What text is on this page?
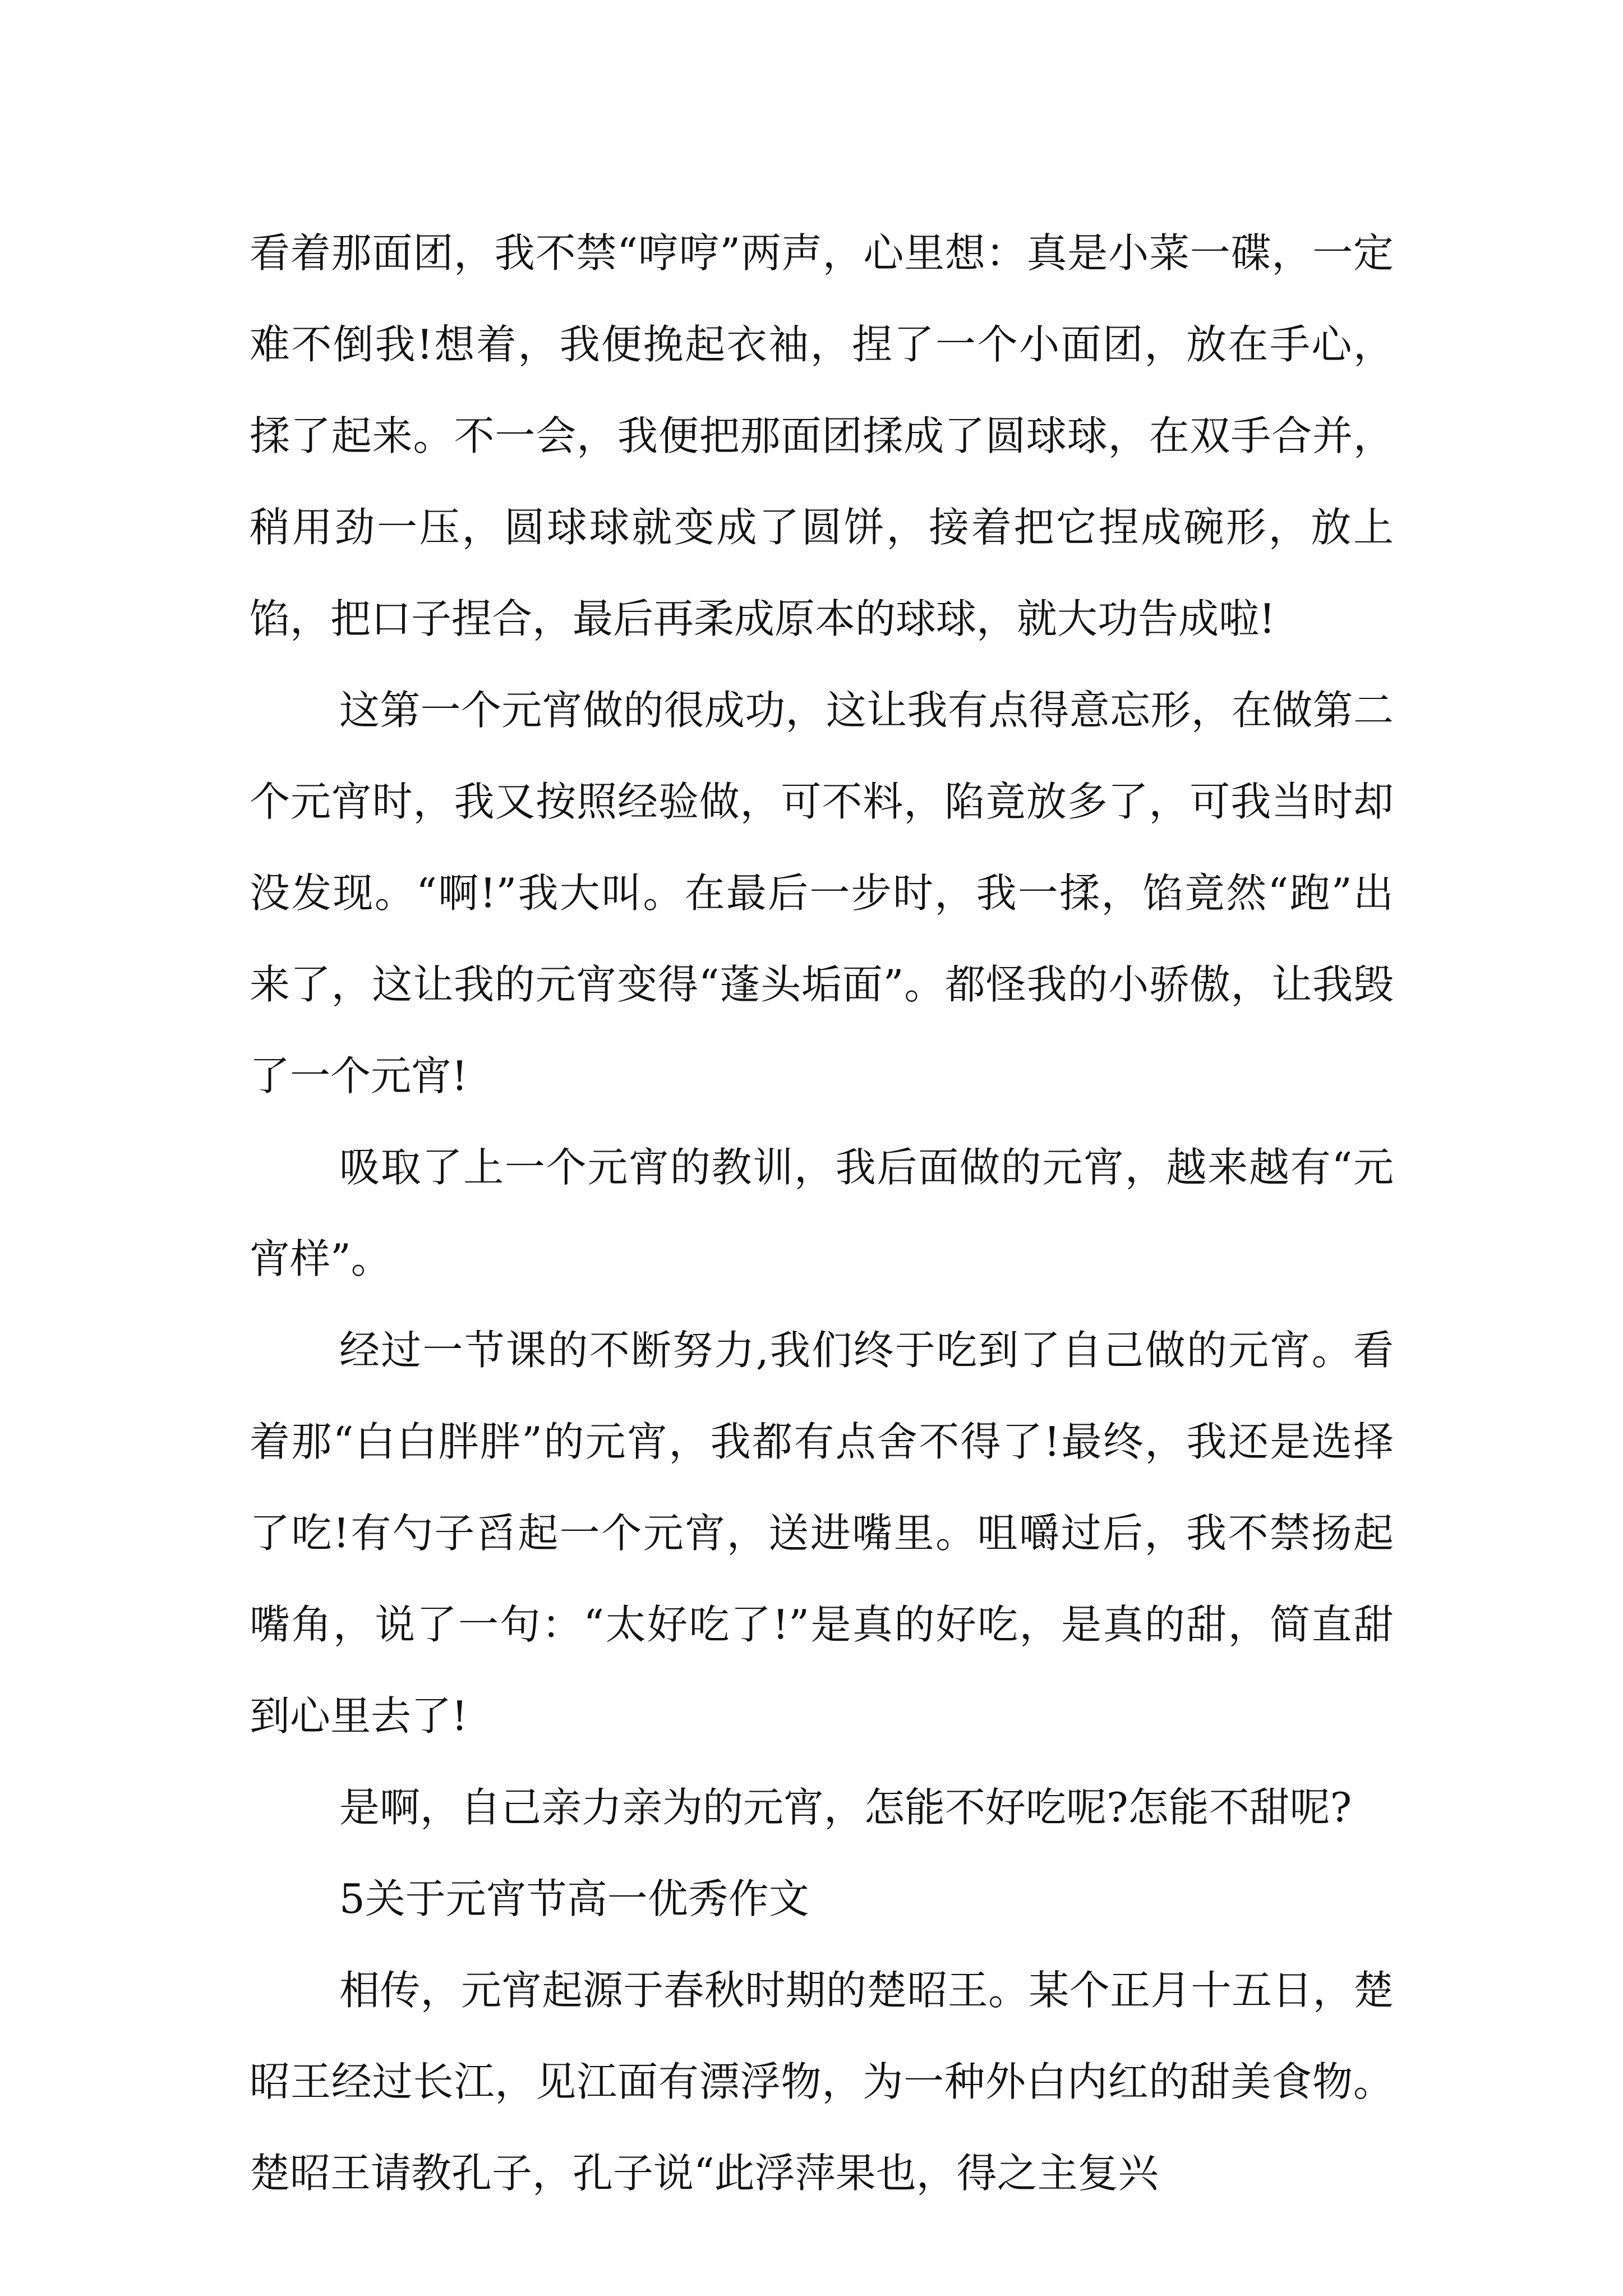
看着那面团，我不禁“哼哼”两声，心里想：真是小菜一碟，一定难不倒我!想着，我便挽起衣袖，捏了一个小面团，放在手心，揉了起来。不一会，我便把那面团揉成了圆球球，在双手合并，稍用劲一压，圆球球就变成了圆饼，接着把它捏成碗形，放上馅，把口子捏合，最后再柔成原本的球球，就大功告成啦!

这第一个元宵做的很成功，这让我有点得意忘形，在做第二个元宵时，我又按照经验做，可不料，陷竟放多了，可我当时却没发现。“啊!”我大叫。在最后一步时，我一揉，馅竟然“跑”出来了，这让我的元宵变得“蓬头垢面”。都怪我的小骄傲，让我毁了一个元宵!

吸取了上一个元宵的教训，我后面做的元宵，越来越有“元宵样”。

经过一节课的不断努力,我们终于吃到了自己做的元宵。看着那“白白胖胖”的元宵，我都有点舍不得了!最终，我还是选择了吃!有勺子舀起一个元宵，送进嘴里。咀嚼过后，我不禁扬起嘴角，说了一句：“太好吃了!”是真的好吃，是真的甜，简直甜到心里去了!

是啊，自己亲力亲为的元宵，怎能不好吃呢?怎能不甜呢?

5关于元宵节高一优秀作文

相传，元宵起源于春秋时期的楚昭王。某个正月十五日，楚昭王经过长江，见江面有漂浮物，为一种外白内红的甜美食物。楚昭王请教孔子，孔子说“此浮萍果也，得之主复兴
